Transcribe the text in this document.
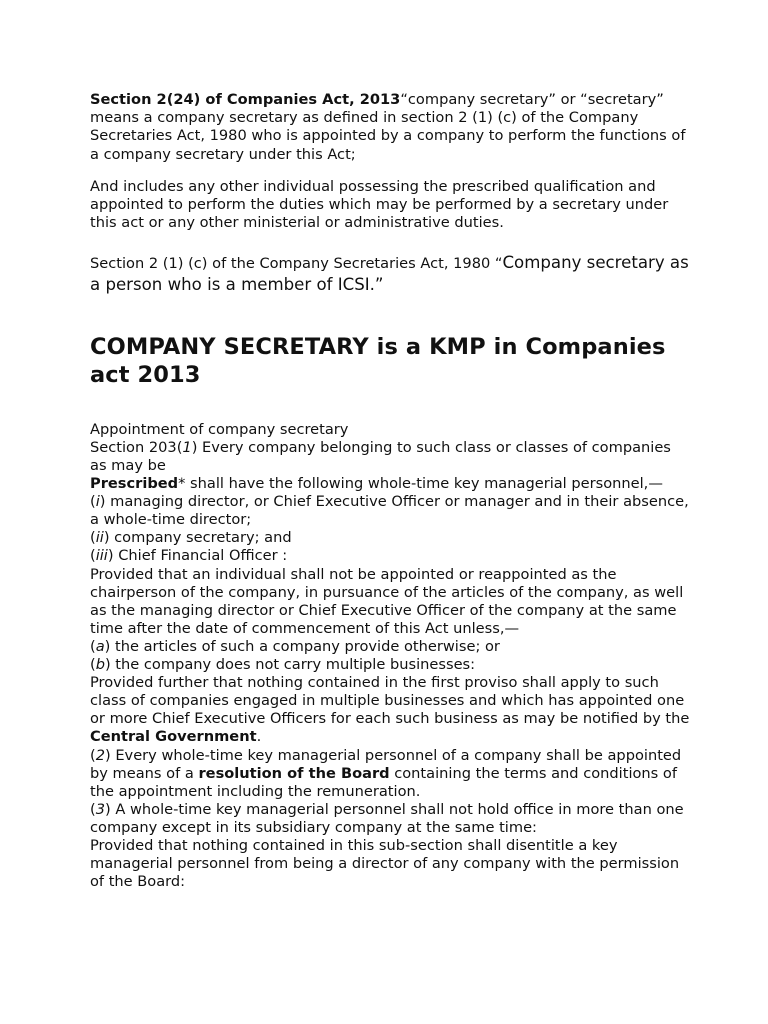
Section 2(24) of Companies Act, 2013“company secretary” or “secretary” means a company secretary as defined in section 2 (1) (c) of the Company Secretaries Act, 1980 who is appointed by a company to perform the functions of a company secretary under this Act;

And includes any other individual possessing the prescribed qualification and appointed to perform the duties which may be performed by a secretary under this act or any other ministerial or administrative duties.

Section 2 (1) (c) of the Company Secretaries Act, 1980 “Company secretary as a person who is a member of ICSI.”

COMPANY SECRETARY is a KMP in Companies act 2013

Appointment of company secretary

Section 203(1) Every company belonging to such class or classes of companies as may be

Prescribed* shall have the following whole-time key managerial personnel,—

(i) managing director, or Chief Executive Officer or manager and in their absence, a whole-time director;

(ii) company secretary; and

(iii) Chief Financial Officer :

Provided that an individual shall not be appointed or reappointed as the chairperson of the company, in pursuance of the articles of the company, as well as the managing director or Chief Executive Officer of the company at the same time after the date of commencement of this Act unless,—

(a) the articles of such a company provide otherwise; or

(b) the company does not carry multiple businesses:

Provided further that nothing contained in the first proviso shall apply to such class of companies engaged in multiple businesses and which has appointed one or more Chief Executive Officers for each such business as may be notified by the Central Government.

(2) Every whole-time key managerial personnel of a company shall be appointed by means of a resolution of the Board containing the terms and conditions of the appointment including the remuneration.

(3) A whole-time key managerial personnel shall not hold office in more than one company except in its subsidiary company at the same time:

Provided that nothing contained in this sub-section shall disentitle a key managerial personnel from being a director of any company with the permission of the Board:
